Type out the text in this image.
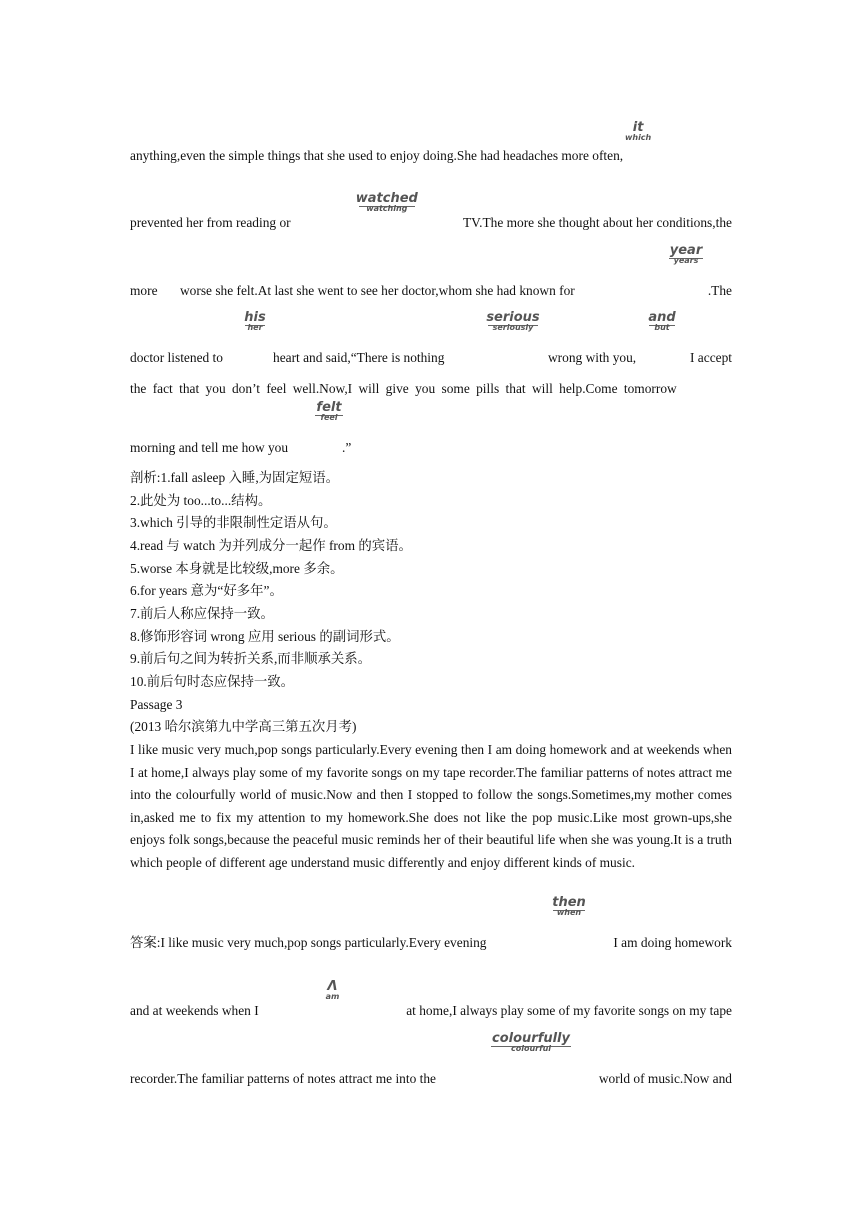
anything,even the simple things that she used to enjoy doing.She had headaches more often,
it
which
prevented her from reading or
watched
watching
TV.The more she thought about her conditions,the
more worse she felt.At last she went to see her doctor,whom she had known for
year
years
.The
doctor listened to
his
her
heart and said,“There is nothing
serious
seriously
wrong with you,
and
but
I accept
the fact that you don’t feel well.Now,I will give you some pills that will help.Come tomorrow
morning and tell me how you
felt
feel
.”
剖析:1.fall asleep 入睡,为固定短语。
2.此处为 too...to...结构。
3.which 引导的非限制性定语从句。
4.read 与 watch 为并列成分一起作 from 的宾语。
5.worse 本身就是比较级,more 多余。
6.for years 意为“好多年”。
7.前后人称应保持一致。
8.修饰形容词 wrong 应用 serious 的副词形式。
9.前后句之间为转折关系,而非顺承关系。
10.前后句时态应保持一致。
Passage 3
(2013 哈尔滨第九中学高三第五次月考)
I like music very much,pop songs particularly.Every evening then I am doing homework and at weekends when I at home,I always play some of my favorite songs on my tape recorder.The familiar patterns of notes attract me into the colourfully world of music.Now and then I stopped to follow the songs.Sometimes,my mother comes in,asked me to fix my attention to my homework.She does not like the pop music.Like most grown-ups,she enjoys folk songs,because the peaceful music reminds her of their beautiful life when she was young.It is a truth which people of different age understand music differently and enjoy different kinds of music.
答案:I like music very much,pop songs particularly.Every evening
then
when
I am doing homework
and at weekends when I
Λ
am
at home,I always play some of my favorite songs on my tape
recorder.The familiar patterns of notes attract me into the
colourfully
colourful
world of music.Now and
